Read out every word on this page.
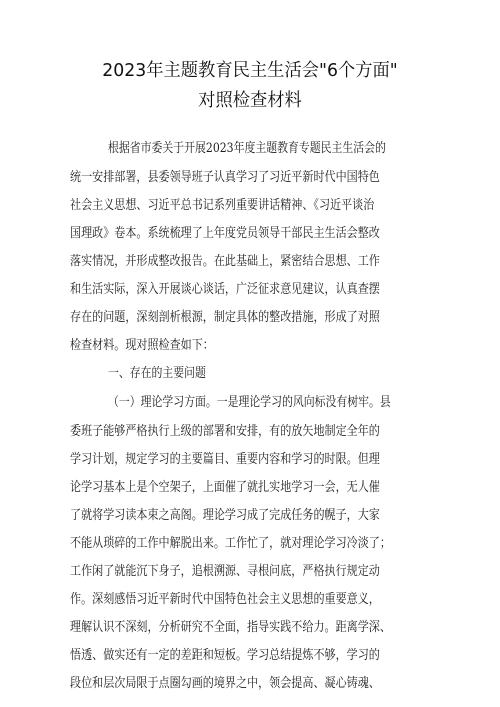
2023年主题教育民主生活会"6个方面"
对照检查材料
根据省市委关于开展2023年度主题教育专题民主生活会的
统一安排部署，县委领导班子认真学习了习近平新时代中国特色
社会主义思想、习近平总书记系列重要讲话精神、《习近平谈治
国理政》卷本。系统梳理了上年度党员领导干部民主生活会整改
落实情况，并形成整改报告。在此基础上，紧密结合思想、工作
和生活实际，深入开展谈心谈话，广泛征求意见建议，认真查摆
存在的问题，深刻剖析根源，制定具体的整改措施，形成了对照
检查材料。现对照检查如下：
一、存在的主要问题
（一）理论学习方面。一是理论学习的风向标没有树牢。县
委班子能够严格执行上级的部署和安排，有的放矢地制定全年的
学习计划，规定学习的主要篇目、重要内容和学习的时限。但理
论学习基本上是个空架子，上面催了就扎实地学习一会，无人催
了就将学习读本束之高阁。理论学习成了完成任务的幌子，大家
不能从琐碎的工作中解脱出来。工作忙了，就对理论学习冷淡了；
工作闲了就能沉下身子，追根溯源、寻根问底，严格执行规定动
作。深刻感悟习近平新时代中国特色社会主义思想的重要意义，
理解认识不深刻，分析研究不全面，指导实践不给力。距离学深、
悟透、做实还有一定的差距和短板。学习总结提炼不够，学习的
段位和层次局限于点圈勾画的境界之中，领会提高、凝心铸魂、
